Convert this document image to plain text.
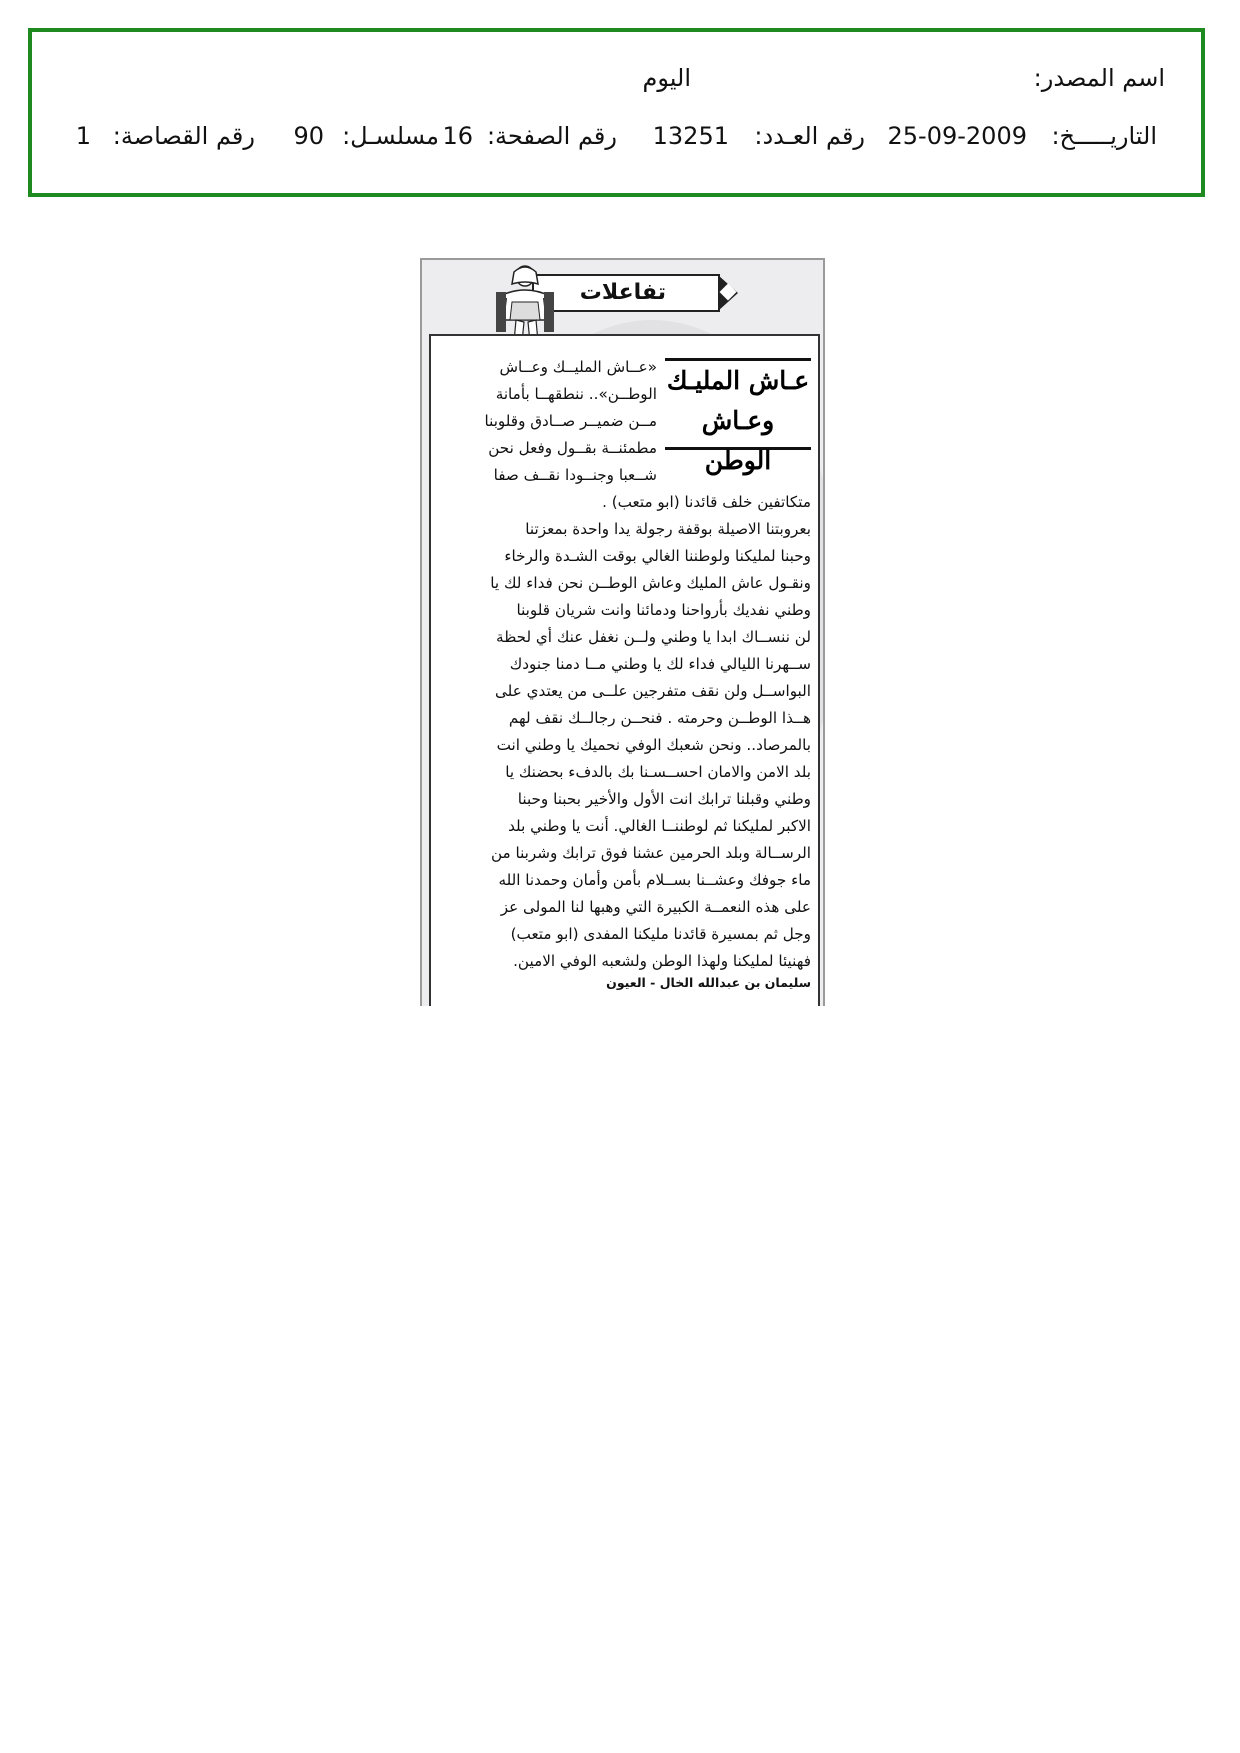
اسم المصدر:
اليوم
التاريـــــخ:
25-09-2009
رقم العـدد:
13251
رقم الصفحة:
16
مسلسـل:
90
رقم القصاصة:
1
تفاعلات
عـاش المليـك
وعـاش الوطن
«عــاش المليــك وعــاش
الوطــن».. ننطقهــا بأمانة
مــن ضميــر صــادق وقلوبنا
مطمئنــة بقــول وفعل نحن
شــعبا وجنــودا نقــف صفا
متكاتفين خلف قائدنا (ابو متعب) .
بعروبتنا الاصيلة بوقفة رجولة يدا واحدة بمعزتنا
وحبنا لمليكنا ولوطننا الغالي بوقت الشـدة والرخاء
ونقـول عاش المليك وعاش الوطــن نحن فداء لك يا
وطني نفديك بأرواحنا ودمائنا وانت شريان قلوبنا
لن ننســاك ابدا يا وطني ولــن نغفل عنك أي لحظة
ســهرنا الليالي فداء لك يا وطني مــا دمنا جنودك
البواســل ولن نقف متفرجين علــى من يعتدي على
هــذا الوطــن وحرمته . فنحــن رجالــك نقف لهم
بالمرصاد.. ونحن شعبك الوفي نحميك يا وطني انت
بلد الامن والامان احســسـنا بك بالدفء بحضنك يا
وطني وقبلنا ترابك انت الأول والأخير بحبنا وحبنا
الاكبر لمليكنا ثم لوطننــا الغالي. أنت يا وطني بلد
الرســالة وبلد الحرمين عشنا فوق ترابك وشربنا من
ماء جوفك وعشــنا بســلام بأمن وأمان وحمدنا الله
على هذه النعمــة الكبيرة التي وهبها لنا المولى عز
وجل ثم بمسيرة قائدنا مليكنا المفدى (ابو متعب)
فهنيئا لمليكنا ولهذا الوطن ولشعبه الوفي الامين.
سليمان بن عبدالله الخال - العيون
